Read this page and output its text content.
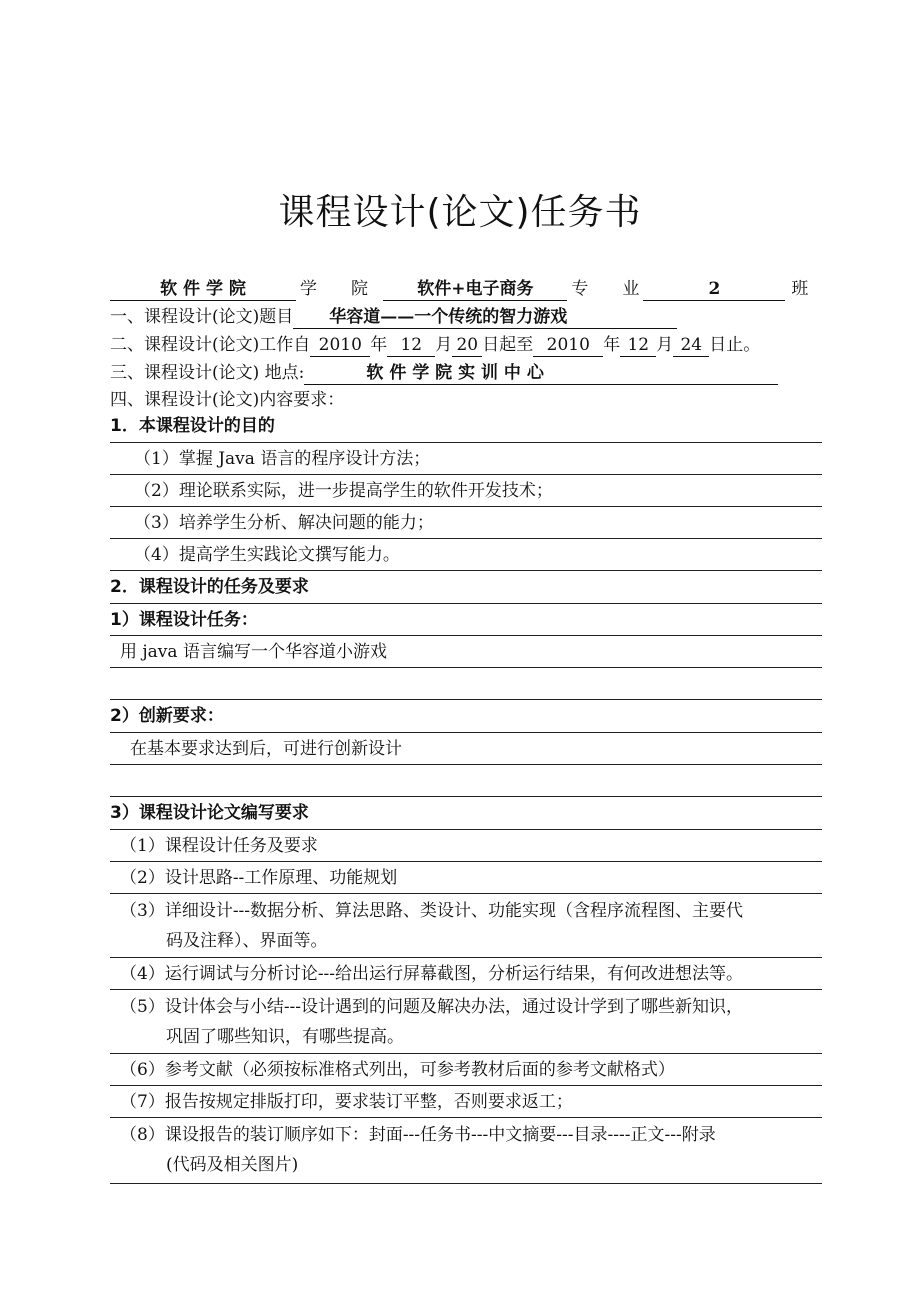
课程设计(论文)任务书
软 件 学 院	学　　院	软件+电子商务 专　　业	2	班
一、课程设计(论文)题目 华容道——一个传统的智力游戏
二、课程设计(论文)工作自 2010 年 12 月 20 日起至 2010 年 12 月 24 日止。
三、课程设计(论文) 地点:	软 件 学 院 实 训 中 心
四、课程设计(论文)内容要求：
1．本课程设计的目的
（1）掌握 Java 语言的程序设计方法；
（2）理论联系实际，进一步提高学生的软件开发技术；
（3）培养学生分析、解决问题的能力；
（4）提高学生实践论文撰写能力。
2．课程设计的任务及要求
1）课程设计任务：
用 java 语言编写一个华容道小游戏
2）创新要求：
在基本要求达到后，可进行创新设计
3）课程设计论文编写要求
（1）课程设计任务及要求
（2）设计思路--工作原理、功能规划
（3）详细设计---数据分析、算法思路、类设计、功能实现（含程序流程图、主要代
码及注释）、界面等。
（4）运行调试与分析讨论---给出运行屏幕截图，分析运行结果，有何改进想法等。
（5）设计体会与小结---设计遇到的问题及解决办法，通过设计学到了哪些新知识，
巩固了哪些知识，有哪些提高。
（6）参考文献（必须按标准格式列出，可参考教材后面的参考文献格式）
（7）报告按规定排版打印，要求装订平整，否则要求返工；
（8）课设报告的装订顺序如下：封面---任务书---中文摘要---目录----正文---附录
(代码及相关图片)
